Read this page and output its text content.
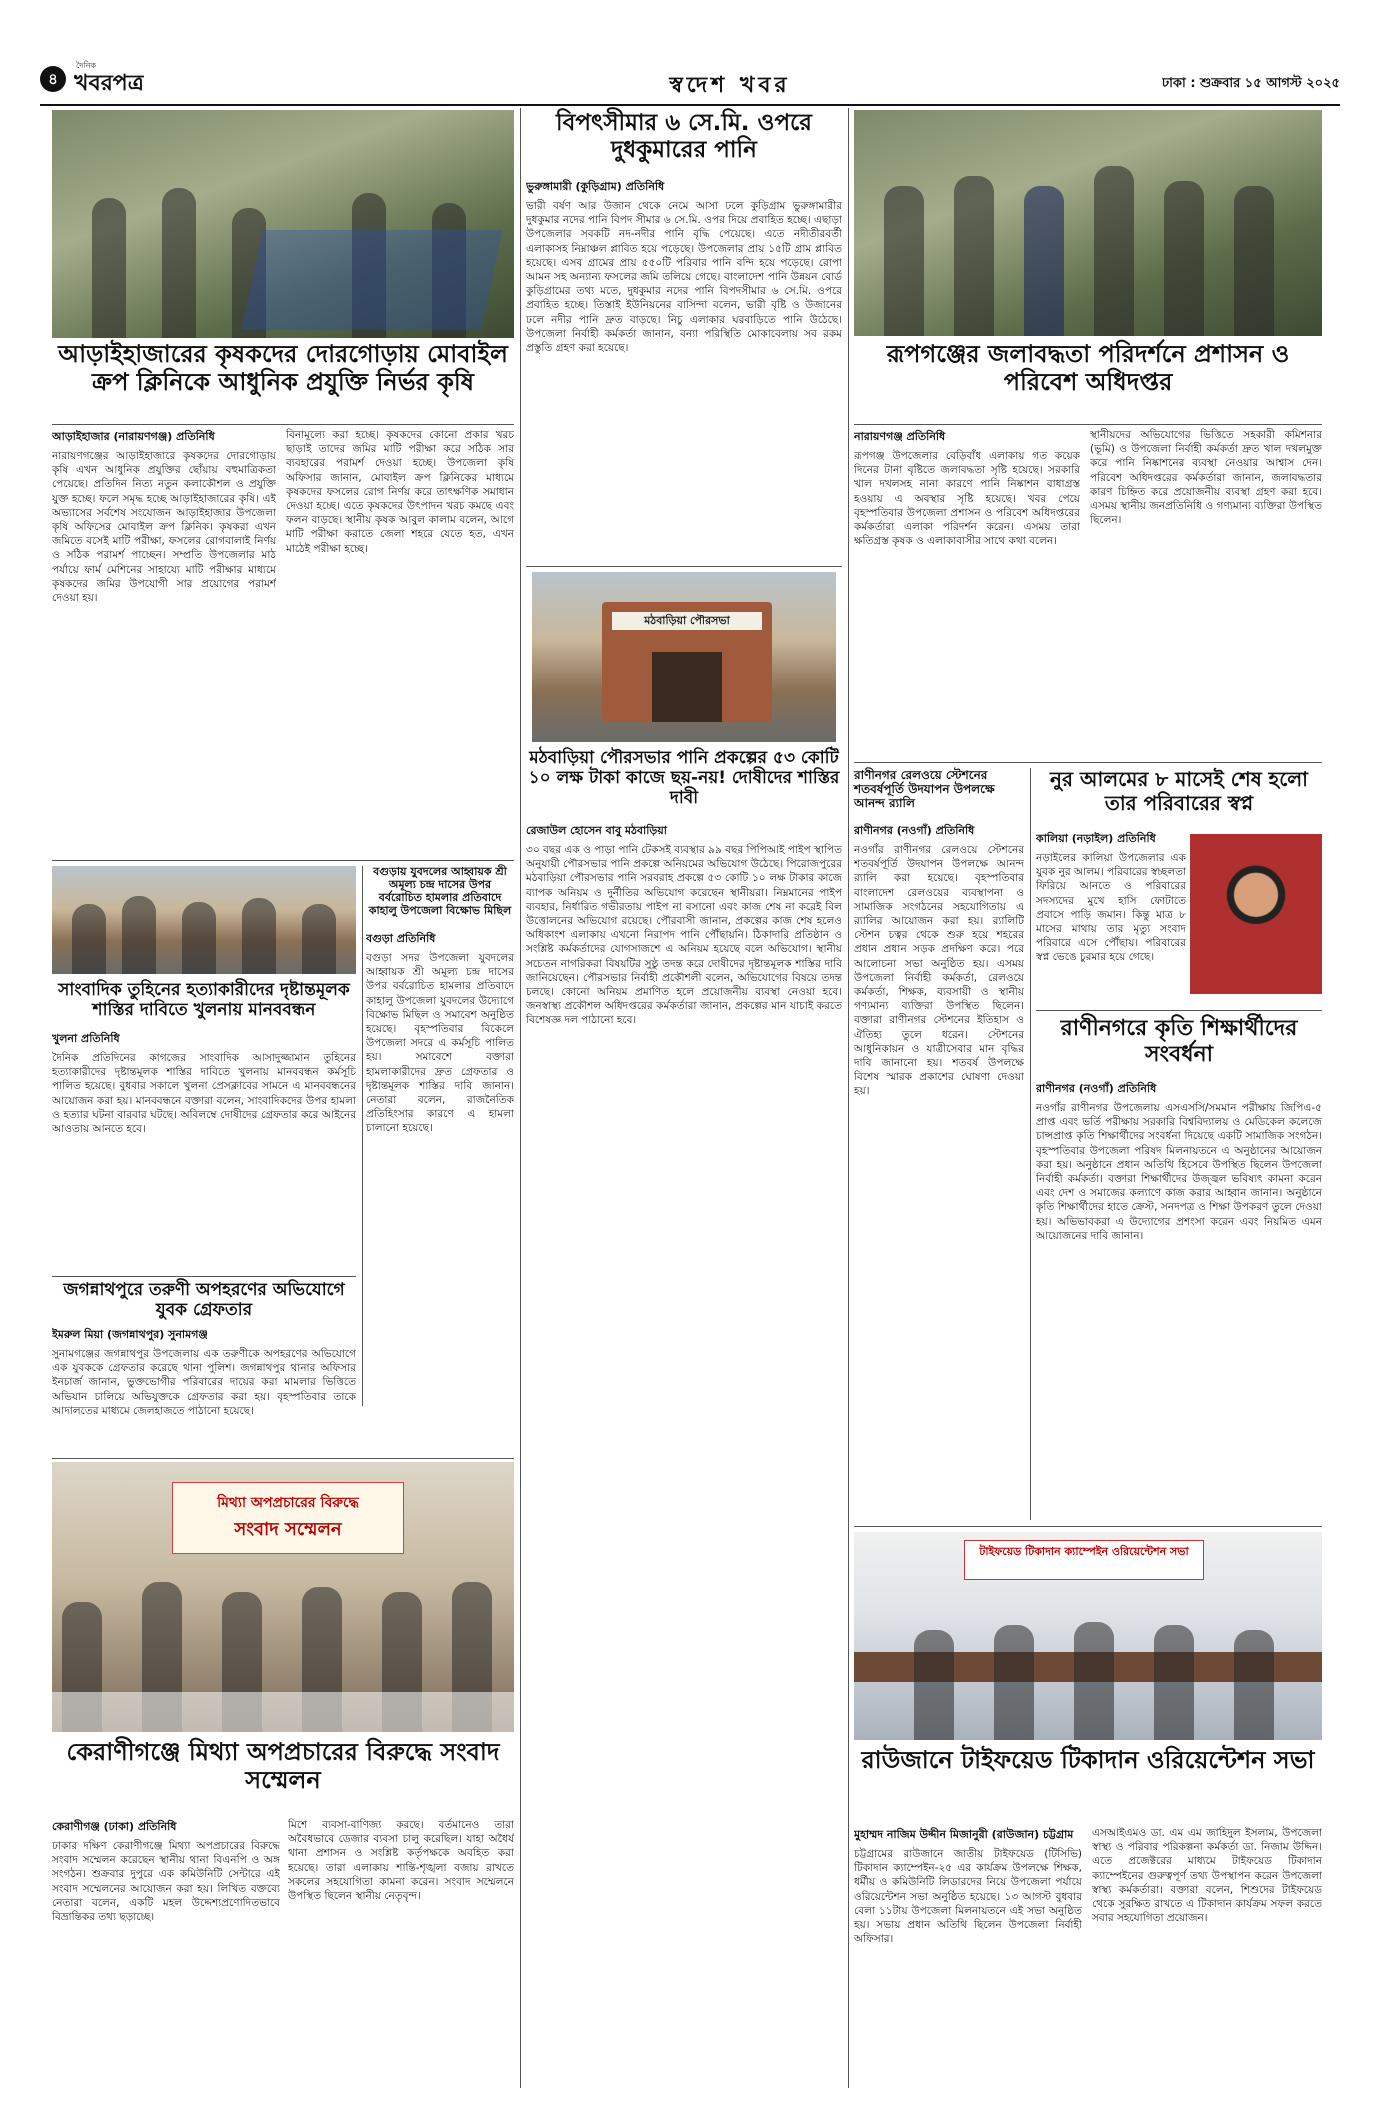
৪
দৈনিক
খবরপত্র	স্বদেশ খবর	ঢাকা : শুক্রবার ১৫ আগস্ট ২০২৫
আড়াইহাজারের কৃষকদের দোরগোড়ায় মোবাইল ক্রপ ক্লিনিকে আধুনিক প্রযুক্তি নির্ভর কৃষি

আড়াইহাজার (নারায়ণগঞ্জ) প্রতিনিধি

নারায়ণগঞ্জের আড়াইহাজারে কৃষকদের দোরগোড়ায় কৃষি এখন আধুনিক প্রযুক্তির ছোঁয়ায় বহুমাত্রিকতা পেয়েছে। প্রতিদিন নিত্য নতুন কলাকৌশল ও প্রযুক্তি যুক্ত হচ্ছে। ফলে সমৃদ্ধ হচ্ছে আড়াইহাজারের কৃষি। এই অভ্যাসের সর্বশেষ সংযোজন আড়াইহাজার উপজেলা কৃষি অফিসের মোবাইল ক্রপ ক্লিনিক। কৃষকরা এখন জমিতে বসেই মাটি পরীক্ষা, ফসলের রোগবালাই নির্ণয় ও সঠিক পরামর্শ পাচ্ছেন। সম্প্রতি উপজেলার মাঠ পর্যায়ে ফার্ম মেশিনের সাহায্যে মাটি পরীক্ষার মাধ্যমে কৃষকদের জমির উপযোগী সার প্রয়োগের পরামর্শ দেওয়া হয়।

বিনামূল্যে করা হচ্ছে। কৃষকদের কোনো প্রকার খরচ ছাড়াই তাদের জমির মাটি পরীক্ষা করে সঠিক সার ব্যবহারের পরামর্শ দেওয়া হচ্ছে। উপজেলা কৃষি অফিসার জানান, মোবাইল ক্রপ ক্লিনিকের মাধ্যমে কৃষকদের ফসলের রোগ নির্ণয় করে তাৎক্ষণিক সমাধান দেওয়া হচ্ছে। এতে কৃষকদের উৎপাদন খরচ কমছে এবং ফলন বাড়ছে। স্থানীয় কৃষক আবুল কালাম বলেন, আগে মাটি পরীক্ষা করাতে জেলা শহরে যেতে হত, এখন মাঠেই পরীক্ষা হচ্ছে।

সাংবাদিক তুহিনের হত্যাকারীদের দৃষ্টান্তমূলক শাস্তির দাবিতে খুলনায় মানববন্ধন

খুলনা প্রতিনিধি

দৈনিক প্রতিদিনের কাগজের সাংবাদিক আসাদুজ্জামান তুহিনের হত্যাকারীদের দৃষ্টান্তমূলক শাস্তির দাবিতে খুলনায় মানববন্ধন কর্মসূচি পালিত হয়েছে। বুধবার সকালে খুলনা প্রেসক্লাবের সামনে এ মানববন্ধনের আয়োজন করা হয়। মানববন্ধনে বক্তারা বলেন, সাংবাদিকদের উপর হামলা ও হত্যার ঘটনা বারবার ঘটছে। অবিলম্বে দোষীদের গ্রেফতার করে আইনের আওতায় আনতে হবে।

বগুড়ায় যুবদলের আহ্বায়ক শ্রী অমূল্য চন্দ্র দাসের উপর বর্বরোচিত হামলার প্রতিবাদে কাহালু উপজেলা বিক্ষোভ মিছিল

বগুড়া প্রতিনিধি

বগুড়া সদর উপজেলা যুবদলের আহ্বায়ক শ্রী অমূল্য চন্দ্র দাসের উপর বর্বরোচিত হামলার প্রতিবাদে কাহালু উপজেলা যুবদলের উদ্যোগে বিক্ষোভ মিছিল ও সমাবেশ অনুষ্ঠিত হয়েছে। বৃহস্পতিবার বিকেলে উপজেলা সদরে এ কর্মসূচি পালিত হয়। সমাবেশে বক্তারা হামলাকারীদের দ্রুত গ্রেফতার ও দৃষ্টান্তমূলক শাস্তির দাবি জানান। নেতারা বলেন, রাজনৈতিক প্রতিহিংসার কারণে এ হামলা চালানো হয়েছে।

জগন্নাথপুরে তরুণী অপহরণের অভিযোগে যুবক গ্রেফতার

ইমরুল মিয়া (জগন্নাথপুর) সুনামগঞ্জ

সুনামগঞ্জের জগন্নাথপুর উপজেলায় এক তরুণীকে অপহরণের অভিযোগে এক যুবককে গ্রেফতার করেছে থানা পুলিশ। জগন্নাথপুর থানার অফিসার ইনচার্জ জানান, ভুক্তভোগীর পরিবারের দায়ের করা মামলার ভিত্তিতে অভিযান চালিয়ে অভিযুক্তকে গ্রেফতার করা হয়। বৃহস্পতিবার তাকে আদালতের মাধ্যমে জেলহাজতে পাঠানো হয়েছে।

মিথ্যা অপপ্রচারের বিরুদ্ধে
সংবাদ সম্মেলন
কেরাণীগঞ্জে মিথ্যা অপপ্রচারের বিরুদ্ধে সংবাদ সম্মেলন

কেরাণীগঞ্জ (ঢাকা) প্রতিনিধি

ঢাকার দক্ষিণ কেরাণীগঞ্জে মিথ্যা অপপ্রচারের বিরুদ্ধে সংবাদ সম্মেলন করেছেন স্থানীয় থানা বিএনপি ও অঙ্গ সংগঠন। শুক্রবার দুপুরে এক কমিউনিটি সেন্টারে এই সংবাদ সম্মেলনের আয়োজন করা হয়। লিখিত বক্তব্যে নেতারা বলেন, একটি মহল উদ্দেশ্যপ্রণোদিতভাবে বিভ্রান্তিকর তথ্য ছড়াচ্ছে।

মিশে ব্যবসা-বাণিজ্য করছে। বর্তমানেও তারা অবৈধভাবে ডেজার ব্যবসা চালু করেছিল। যাহা অধৈর্য থানা প্রশাসন ও সংশ্লিষ্ট কর্তৃপক্ষকে অবহিত করা হয়েছে। তারা এলাকায় শান্তি-শৃঙ্খলা বজায় রাখতে সকলের সহযোগিতা কামনা করেন। সংবাদ সম্মেলনে উপস্থিত ছিলেন স্থানীয় নেতৃবৃন্দ।

বিপৎসীমার ৬ সে.মি. ওপরে দুধকুমারের পানি

ভুরুঙ্গামারী (কুড়িগ্রাম) প্রতিনিধি

ভারী বর্ষণ আর উজান থেকে নেমে আসা ঢলে কুড়িগ্রাম ভুরুঙ্গামারীর দুধকুমার নদের পানি বিপদ সীমার ৬ সে.মি. ওপর দিয়ে প্রবাহিত হচ্ছে। এছাড়া উপজেলার সবকটি নদ-নদীর পানি বৃদ্ধি পেয়েছে। এতে নদীতীরবর্তী এলাকাসহ নিম্নাঞ্চল প্লাবিত হয়ে পড়েছে। উপজেলার প্রায় ১৫টি গ্রাম প্লাবিত হয়েছে। এসব গ্রামের প্রায় ৫৫০টি পরিবার পানি বন্দি হয়ে পড়েছে। রোপা আমন সহ অন্যান্য ফসলের জমি তলিয়ে গেছে। বাংলাদেশ পানি উন্নয়ন বোর্ড কুড়িগ্রামের তথ্য মতে, দুধকুমার নদের পানি বিপদসীমার ৬ সে.মি. ওপরে প্রবাহিত হচ্ছে। তিস্তাই ইউনিয়নের বাসিন্দা বলেন, ভারী বৃষ্টি ও উজানের ঢলে নদীর পানি দ্রুত বাড়ছে। নিচু এলাকার ঘরবাড়িতে পানি উঠেছে। উপজেলা নির্বাহী কর্মকর্তা জানান, বন্যা পরিস্থিতি মোকাবেলায় সব রকম প্রস্তুতি গ্রহণ করা হয়েছে।

মঠবাড়িয়া পৌরসভা
মঠবাড়িয়া পৌরসভার পানি প্রকল্পের ৫৩ কোটি ১০ লক্ষ টাকা কাজে ছয়-নয়! দোষীদের শাস্তির দাবী

রেজাউল হোসেন বাবু মঠবাড়িয়া

৩০ বছর এক ও পাড়া পানি টেকসই ব্যবস্থার ৯৯ বছর পিপিআই পাইপ স্থাপিত অনুযায়ী পৌরসভার পানি প্রকল্পে অনিয়মের অভিযোগ উঠেছে। পিরোজপুরের মঠবাড়িয়া পৌরসভার পানি সরবরাহ প্রকল্পে ৫৩ কোটি ১০ লক্ষ টাকার কাজে ব্যাপক অনিয়ম ও দুর্নীতির অভিযোগ করেছেন স্থানীয়রা। নিম্নমানের পাইপ ব্যবহার, নির্ধারিত গভীরতায় পাইপ না বসানো এবং কাজ শেষ না করেই বিল উত্তোলনের অভিযোগ রয়েছে। পৌরবাসী জানান, প্রকল্পের কাজ শেষ হলেও অধিকাংশ এলাকায় এখনো নিরাপদ পানি পৌঁছায়নি। ঠিকাদারি প্রতিষ্ঠান ও সংশ্লিষ্ট কর্মকর্তাদের যোগসাজশে এ অনিয়ম হয়েছে বলে অভিযোগ। স্থানীয় সচেতন নাগরিকরা বিষয়টির সুষ্ঠু তদন্ত করে দোষীদের দৃষ্টান্তমূলক শাস্তির দাবি জানিয়েছেন। পৌরসভার নির্বাহী প্রকৌশলী বলেন, অভিযোগের বিষয়ে তদন্ত চলছে। কোনো অনিয়ম প্রমাণিত হলে প্রয়োজনীয় ব্যবস্থা নেওয়া হবে। জনস্বাস্থ্য প্রকৌশল অধিদপ্তরের কর্মকর্তারা জানান, প্রকল্পের মান যাচাই করতে বিশেষজ্ঞ দল পাঠানো হবে।

রূপগঞ্জের জলাবদ্ধতা পরিদর্শনে প্রশাসন ও পরিবেশ অধিদপ্তর

নারায়ণগঞ্জ প্রতিনিধি

রূপগঞ্জ উপজেলার বেড়িবাঁধ এলাকায় গত কয়েক দিনের টানা বৃষ্টিতে জলাবদ্ধতা সৃষ্টি হয়েছে। সরকারি খাল দখলসহ নানা কারণে পানি নিষ্কাশন বাধাগ্রস্ত হওয়ায় এ অবস্থার সৃষ্টি হয়েছে। খবর পেয়ে বৃহস্পতিবার উপজেলা প্রশাসন ও পরিবেশ অধিদপ্তরের কর্মকর্তারা এলাকা পরিদর্শন করেন। এসময় তারা ক্ষতিগ্রস্ত কৃষক ও এলাকাবাসীর সাথে কথা বলেন।

স্থানীয়দের অভিযোগের ভিত্তিতে সহকারী কমিশনার (ভূমি) ও উপজেলা নির্বাহী কর্মকর্তা দ্রুত খাল দখলমুক্ত করে পানি নিষ্কাশনের ব্যবস্থা নেওয়ার আশ্বাস দেন। পরিবেশ অধিদপ্তরের কর্মকর্তারা জানান, জলাবদ্ধতার কারণ চিহ্নিত করে প্রয়োজনীয় ব্যবস্থা গ্রহণ করা হবে। এসময় স্থানীয় জনপ্রতিনিধি ও গণ্যমান্য ব্যক্তিরা উপস্থিত ছিলেন।

রাণীনগর রেলওয়ে স্টেশনের শতবর্ষপূর্তি উদযাপন উপলক্ষে আনন্দ র‍্যালি

রাণীনগর (নওগাঁ) প্রতিনিধি

নওগাঁর রাণীনগর রেলওয়ে স্টেশনের শতবর্ষপূর্তি উদযাপন উপলক্ষে আনন্দ র‍্যালি করা হয়েছে। বৃহস্পতিবার বাংলাদেশ রেলওয়ের ব্যবস্থাপনা ও সামাজিক সংগঠনের সহযোগিতায় এ র‍্যালির আয়োজন করা হয়। র‍্যালিটি স্টেশন চত্বর থেকে শুরু হয়ে শহরের প্রধান প্রধান সড়ক প্রদক্ষিণ করে। পরে আলোচনা সভা অনুষ্ঠিত হয়। এসময় উপজেলা নির্বাহী কর্মকর্তা, রেলওয়ে কর্মকর্তা, শিক্ষক, ব্যবসায়ী ও স্থানীয় গণ্যমান্য ব্যক্তিরা উপস্থিত ছিলেন। বক্তারা রাণীনগর স্টেশনের ইতিহাস ও ঐতিহ্য তুলে ধরেন। স্টেশনের আধুনিকায়ন ও যাত্রীসেবার মান বৃদ্ধির দাবি জানানো হয়। শতবর্ষ উপলক্ষে বিশেষ স্মারক প্রকাশের ঘোষণা দেওয়া হয়।

নুর আলমের ৮ মাসেই শেষ হলো তার পরিবারের স্বপ্ন

কালিয়া (নড়াইল) প্রতিনিধি

নড়াইলের কালিয়া উপজেলার এক যুবক নুর আলম। পরিবারের স্বচ্ছলতা ফিরিয়ে আনতে ও পরিবারের সদস্যদের মুখে হাসি ফোটাতে প্রবাসে পাড়ি জমান। কিন্তু মাত্র ৮ মাসের মাথায় তার মৃত্যু সংবাদ পরিবারে এসে পৌঁছায়। পরিবারের স্বপ্ন ভেঙে চুরমার হয়ে গেছে।

রাণীনগরে কৃতি শিক্ষার্থীদের সংবর্ধনা

রাণীনগর (নওগাঁ) প্রতিনিধি

নওগাঁর রাণীনগর উপজেলায় এসএসসি/সমমান পরীক্ষায় জিপিএ-৫ প্রাপ্ত এবং ভর্তি পরীক্ষায় সরকারি বিশ্ববিদ্যালয় ও মেডিকেল কলেজে চান্সপ্রাপ্ত কৃতি শিক্ষার্থীদের সংবর্ধনা দিয়েছে একটি সামাজিক সংগঠন। বৃহস্পতিবার উপজেলা পরিষদ মিলনায়তনে এ অনুষ্ঠানের আয়োজন করা হয়। অনুষ্ঠানে প্রধান অতিথি হিসেবে উপস্থিত ছিলেন উপজেলা নির্বাহী কর্মকর্তা। বক্তারা শিক্ষার্থীদের উজ্জ্বল ভবিষ্যৎ কামনা করেন এবং দেশ ও সমাজের কল্যাণে কাজ করার আহ্বান জানান। অনুষ্ঠানে কৃতি শিক্ষার্থীদের হাতে ক্রেস্ট, সনদপত্র ও শিক্ষা উপকরণ তুলে দেওয়া হয়। অভিভাবকরা এ উদ্যোগের প্রশংসা করেন এবং নিয়মিত এমন আয়োজনের দাবি জানান।

টাইফয়েড টিকাদান ক্যাম্পেইন ওরিয়েন্টেশন সভা
রাউজানে টাইফয়েড টিকাদান ওরিয়েন্টেশন সভা

মুহাম্মদ নাজিম উদ্দীন মিজানুরী (রাউজান) চট্টগ্রাম

চট্টগ্রামের রাউজানে জাতীয় টাইফয়েড (টিসিভি) টিকাদান ক্যাম্পেইন-২৫ এর কার্যক্রম উপলক্ষে শিক্ষক, ধর্মীয় ও কমিউনিটি লিডারদের নিয়ে উপজেলা পর্যায়ে ওরিয়েন্টেশন সভা অনুষ্ঠিত হয়েছে। ১৩ আগস্ট বুধবার বেলা ১১টায় উপজেলা মিলনায়তনে এই সভা অনুষ্ঠিত হয়। সভায় প্রধান অতিথি ছিলেন উপজেলা নির্বাহী অফিসার।

এসআইএমও ডা. এম এম জাহিদুল ইসলাম, উপজেলা স্বাস্থ্য ও পরিবার পরিকল্পনা কর্মকর্তা ডা. নিজাম উদ্দিন। এতে প্রজেক্টরের মাধ্যমে টাইফয়েড টিকাদান ক্যাম্পেইনের গুরুত্বপূর্ণ তথ্য উপস্থাপন করেন উপজেলা স্বাস্থ্য কর্মকর্তারা। বক্তারা বলেন, শিশুদের টাইফয়েড থেকে সুরক্ষিত রাখতে এ টিকাদান কার্যক্রম সফল করতে সবার সহযোগিতা প্রয়োজন।
